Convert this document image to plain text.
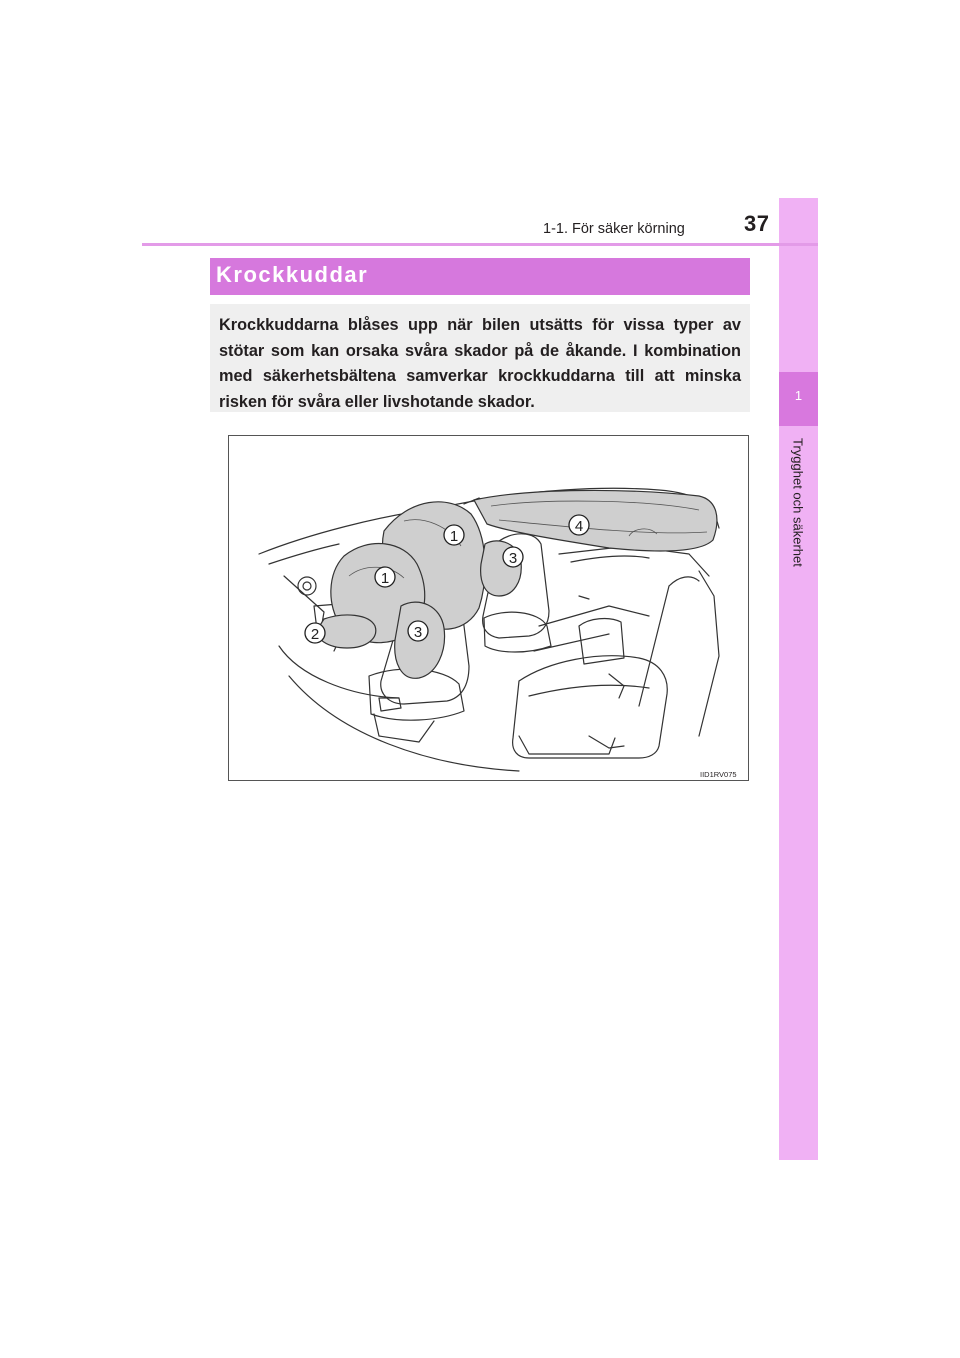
1
Trygghet och säkerhet
1-1. För säker körning	37
Krockkuddar
Krockkuddarna blåses upp när bilen utsätts för vissa typer av stötar som kan orsaka svåra skador på de åkande. I kombination med säkerhetsbältena samverkar krockkuddarna till att minska risken för svåra eller livshotande skador.
1
1
2	3
3
4
IID1RV075
